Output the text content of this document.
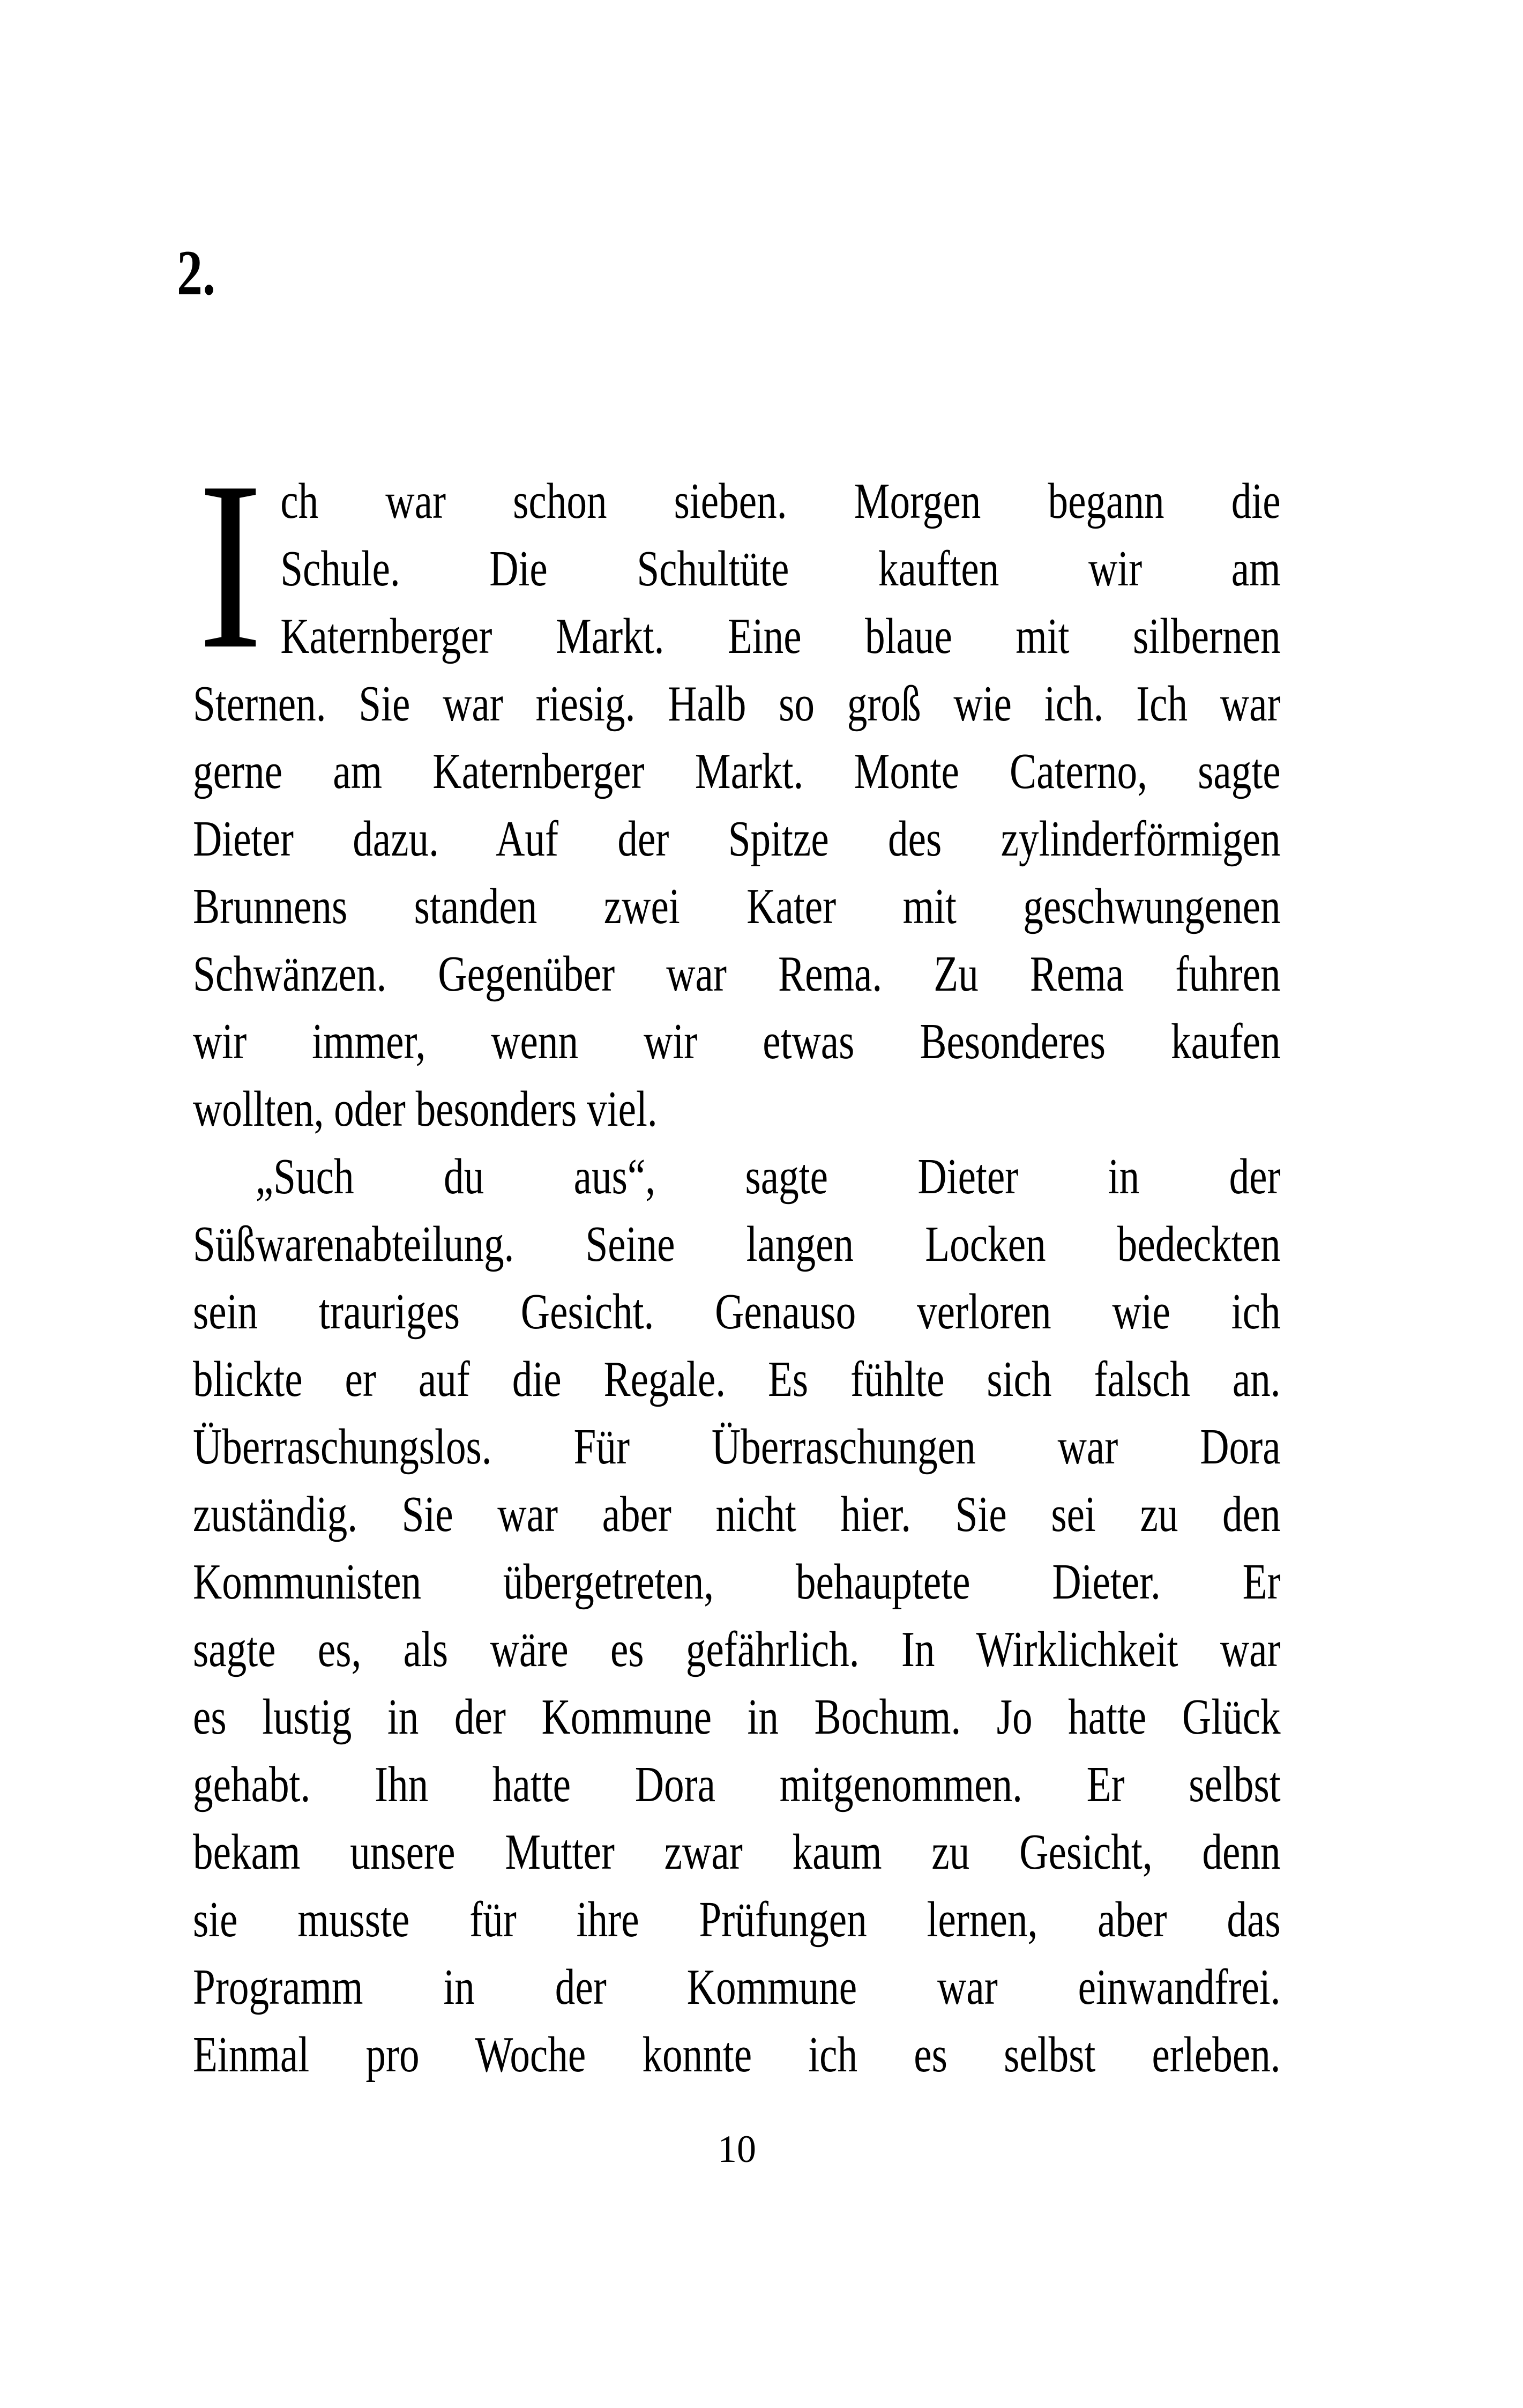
2.
I ch war schon sieben. Morgen begann die
Schule. Die Schultüte kauften wir am
Katernberger Markt. Eine blaue mit silbernen
Sternen. Sie war riesig. Halb so groß wie ich. Ich war
gerne am Katernberger Markt. Monte Caterno, sagte
Dieter dazu. Auf der Spitze des zylinderförmigen
Brunnens standen zwei Kater mit geschwungenen
Schwänzen. Gegenüber war Rema. Zu Rema fuhren
wir immer, wenn wir etwas Besonderes kaufen
wollten, oder besonders viel.
„Such du aus“, sagte Dieter in der
Süßwarenabteilung. Seine langen Locken bedeckten
sein trauriges Gesicht. Genauso verloren wie ich
blickte er auf die Regale. Es fühlte sich falsch an.
Überraschungslos. Für Überraschungen war Dora
zuständig. Sie war aber nicht hier. Sie sei zu den
Kommunisten übergetreten, behauptete Dieter. Er
sagte es, als wäre es gefährlich. In Wirklichkeit war
es lustig in der Kommune in Bochum. Jo hatte Glück
gehabt. Ihn hatte Dora mitgenommen. Er selbst
bekam unsere Mutter zwar kaum zu Gesicht, denn
sie musste für ihre Prüfungen lernen, aber das
Programm in der Kommune war einwandfrei.
Einmal pro Woche konnte ich es selbst erleben.
10
